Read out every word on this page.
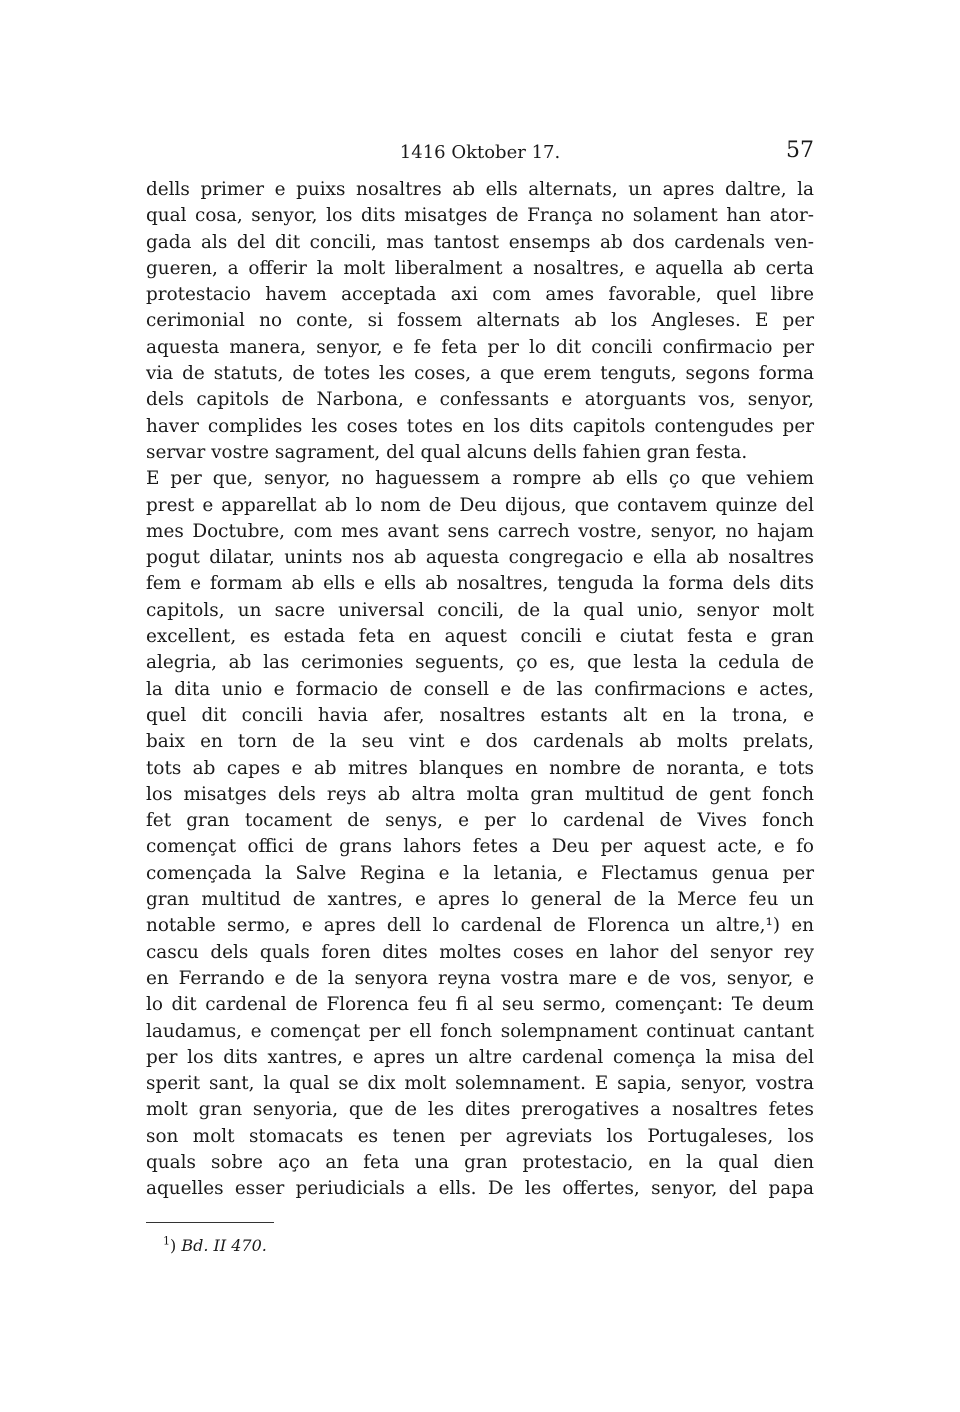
1416 Oktober 17.	57
dells primer e puixs nosaltres ab ells alternats, un apres daltre, la
qual cosa, senyor, los dits misatges de França no solament han ator-
gada als del dit concili, mas tantost ensemps ab dos cardenals ven-
gueren, a offerir la molt liberalment a nosaltres, e aquella ab certa
protestacio havem acceptada axi com ames favorable, quel libre
cerimonial no conte, si fossem alternats ab los Angleses. E per
aquesta manera, senyor, e fe feta per lo dit concili confirmacio per
via de statuts, de totes les coses, a que erem tenguts, segons forma
dels capitols de Narbona, e confessants e atorguants vos, senyor,
haver complides les coses totes en los dits capitols contengudes per
servar vostre sagrament, del qual alcuns dells fahien gran festa.
E per que, senyor, no haguessem a rompre ab ells ço que vehiem
prest e apparellat ab lo nom de Deu dijous, que contavem quinze del
mes Doctubre, com mes avant sens carrech vostre, senyor, no hajam
pogut dilatar, unints nos ab aquesta congregacio e ella ab nosaltres
fem e formam ab ells e ells ab nosaltres, tenguda la forma dels dits
capitols, un sacre universal concili, de la qual unio, senyor molt
excellent, es estada feta en aquest concili e ciutat festa e gran
alegria, ab las cerimonies seguents, ço es, que lesta la cedula de
la dita unio e formacio de consell e de las confirmacions e actes,
quel dit concili havia afer, nosaltres estants alt en la trona, e
baix en torn de la seu vint e dos cardenals ab molts prelats,
tots ab capes e ab mitres blanques en nombre de noranta, e tots
los misatges dels reys ab altra molta gran multitud de gent fonch
fet gran tocament de senys, e per lo cardenal de Vives fonch
començat offici de grans lahors fetes a Deu per aquest acte, e fo
començada la Salve Regina e la letania, e Flectamus genua per
gran multitud de xantres, e apres lo general de la Merce feu un
notable sermo, e apres dell lo cardenal de Florenca un altre,¹) en
cascu dels quals foren dites moltes coses en lahor del senyor rey
en Ferrando e de la senyora reyna vostra mare e de vos, senyor, e
lo dit cardenal de Florenca feu fi al seu sermo, començant: Te deum
laudamus, e començat per ell fonch solempnament continuat cantant
per los dits xantres, e apres un altre cardenal comença la misa del
sperit sant, la qual se dix molt solemnament. E sapia, senyor, vostra
molt gran senyoria, que de les dites prerogatives a nosaltres fetes
son molt stomacats es tenen per agreviats los Portugaleses, los
quals sobre aço an feta una gran protestacio, en la qual dien
aquelles esser periudicials a ells. De les offertes, senyor, del papa
$^1$) Bd. II 470.
